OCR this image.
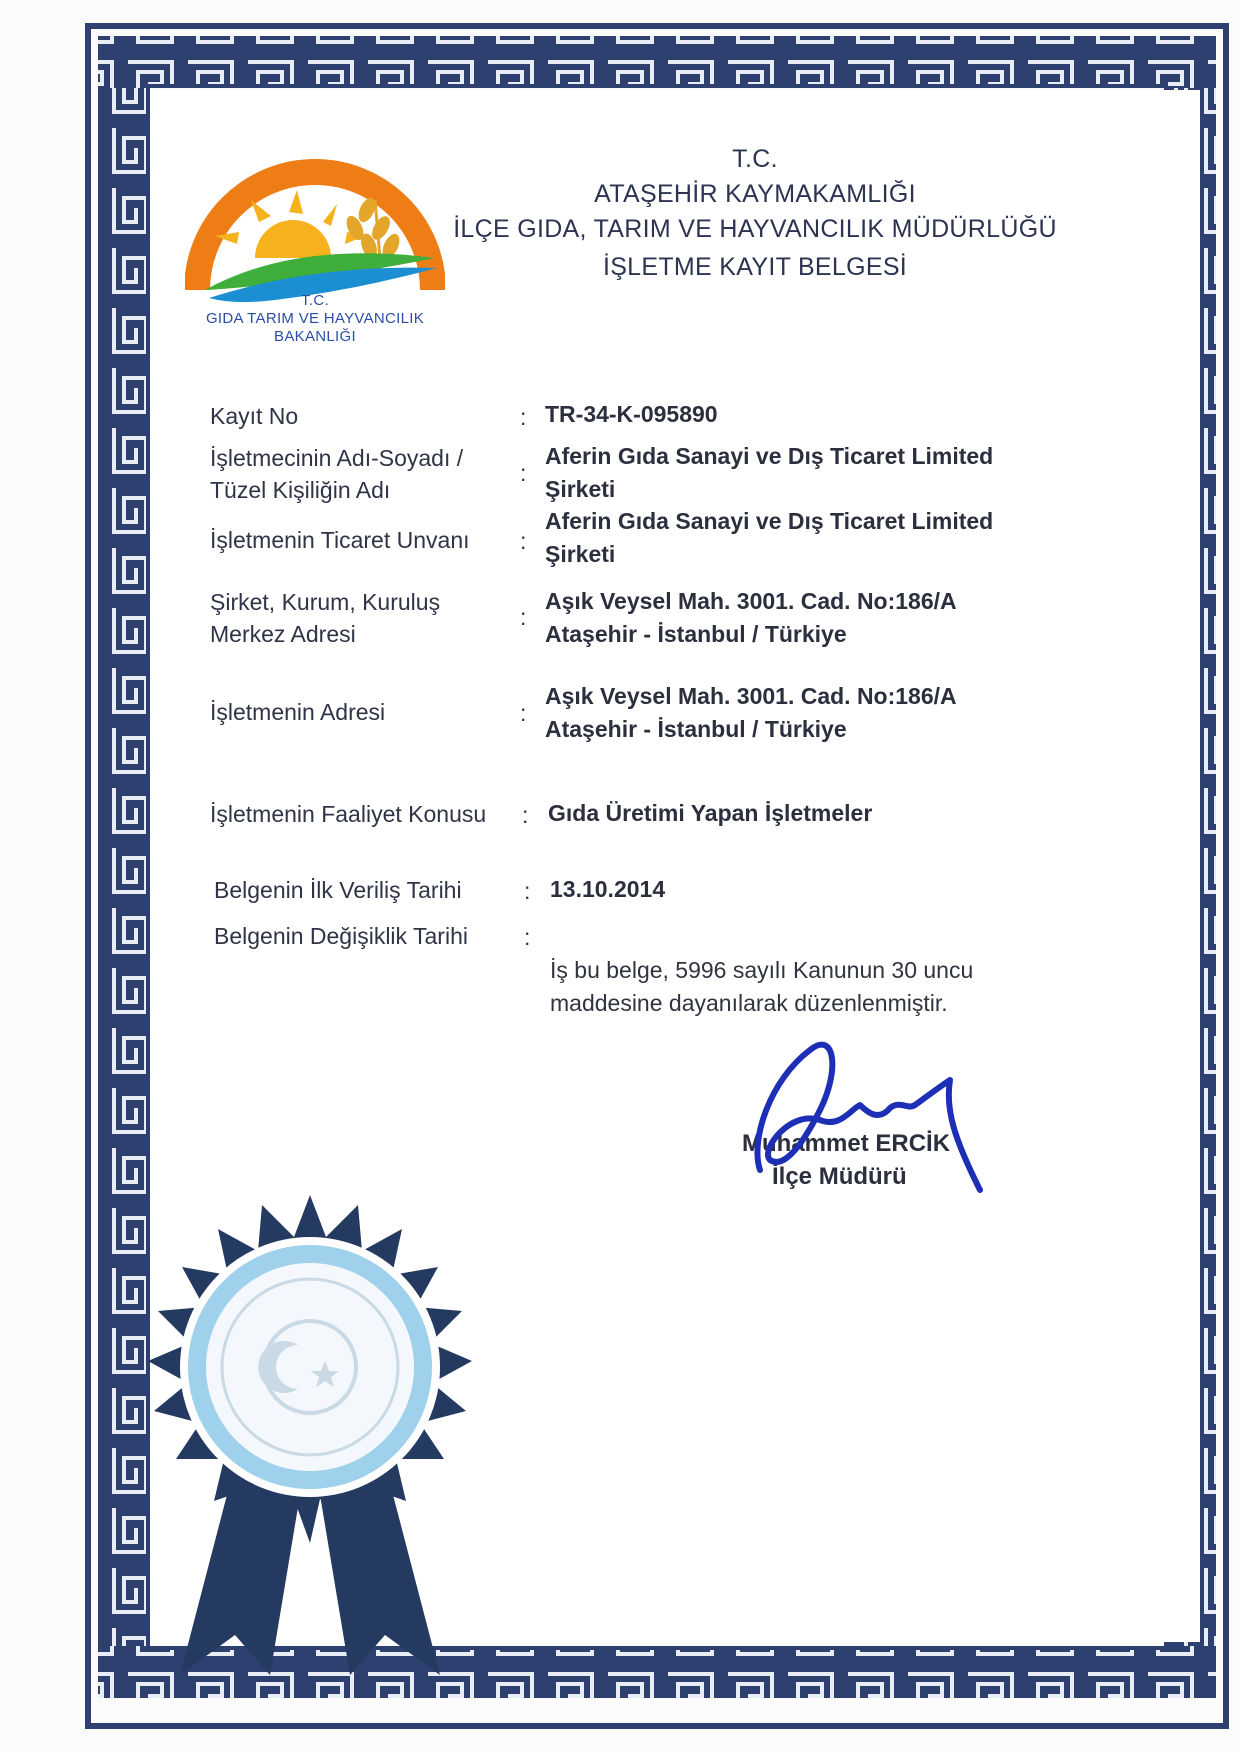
T.C.
GIDA TARIM VE HAYVANCILIK
BAKANLIĞI
T.C.
ATAŞEHİR KAYMAKAMLIĞI
İLÇE GIDA, TARIM VE HAYVANCILIK MÜDÜRLÜĞÜ
İŞLETME KAYIT BELGESİ
Kayıt No	: TR-34-K-095890
İşletmecinin Adı-Soyadı /
Tüzel Kişiliğin Adı
:
Aferin Gıda Sanayi ve Dış Ticaret Limited
Şirketi
İşletmenin Ticaret Unvanı :
Aferin Gıda Sanayi ve Dış Ticaret Limited
Şirketi
Şirket, Kurum, Kuruluş
Merkez Adresi
:
Aşık Veysel Mah. 3001. Cad. No:186/A
Ataşehir - İstanbul / Türkiye
İşletmenin Adresi	:
Aşık Veysel Mah. 3001. Cad. No:186/A
Ataşehir - İstanbul / Türkiye
İşletmenin Faaliyet Konusu : Gıda Üretimi Yapan İşletmeler
Belgenin İlk Veriliş Tarihi	: 13.10.2014
Belgenin Değişiklik Tarihi :
İş bu belge, 5996 sayılı Kanunun 30 uncu maddesine dayanılarak düzenlenmiştir.
Muhammet ERCİK
İlçe Müdürü
